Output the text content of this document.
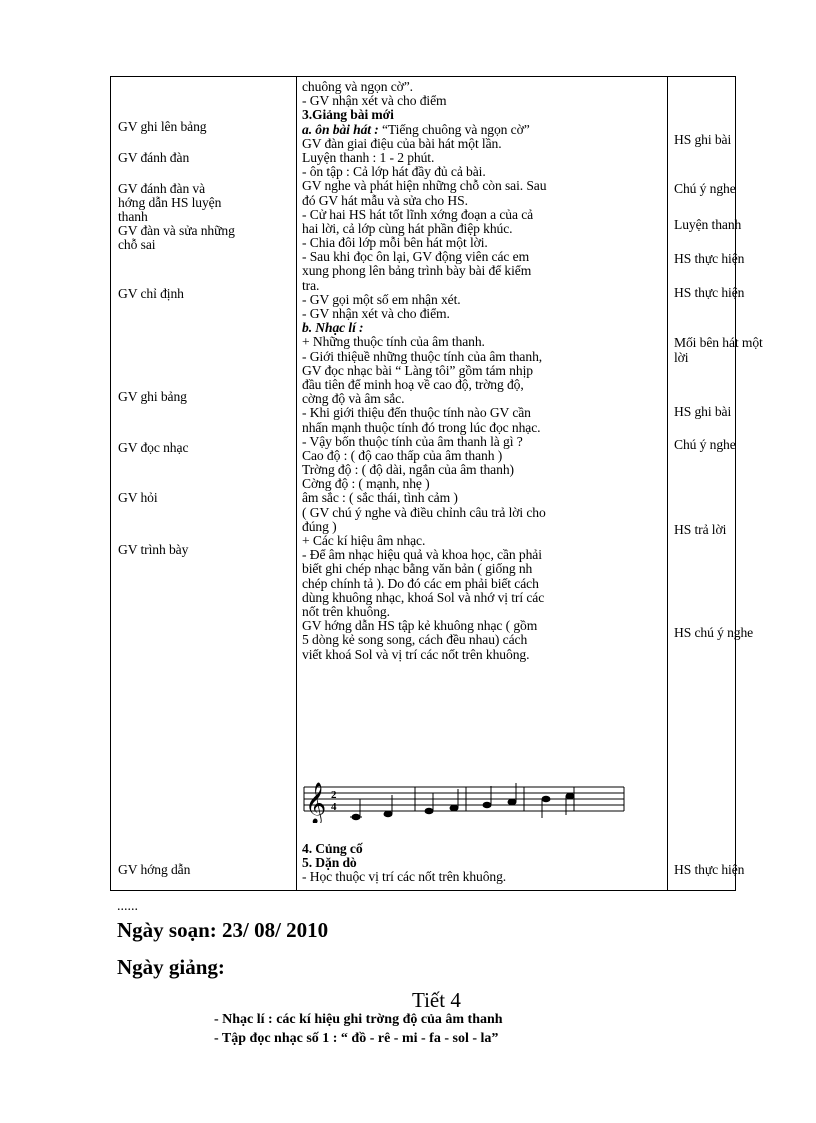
GV ghi lên bảng
GV đánh đàn
GV đánh đàn và
hớng dẫn HS luyện
thanh
GV đàn và sửa những
chỗ sai
GV chỉ định
GV ghi bảng
GV đọc nhạc
GV hỏi
GV trình bày
GV hớng dẫn
HS ghi bài
Chú ý nghe
Luyện thanh
HS thực hiện
HS thực hiện
Mối bên hát một
lời
HS ghi bài
Chú ý nghe
HS trả lời
HS chú ý nghe
HS thực hiện
chuông và ngọn cờ”.
- GV nhận xét và cho điểm
3.Giảng bài mới
a. ôn bài hát : “Tiếng chuông và ngọn cờ”
GV đàn giai điệu của bài hát một lần.
Luyện thanh : 1 - 2 phút.
- ôn tập : Cả lớp hát đầy đủ cả bài.
GV nghe và phát hiện những chỗ còn sai. Sau
đó GV hát mẫu và sửa cho HS.
- Cử hai HS hát tốt lĩnh xớng đoạn a của cả
hai lời, cả lớp cùng hát phần điệp khúc.
- Chia đôi lớp mỗi bên hát một lời.
- Sau khi đọc ôn lại, GV động viên các em
xung phong lên bảng trình bày bài để kiểm
tra.
- GV gọi một số em nhận xét.
- GV nhận xét và cho điểm.
b. Nhạc lí :
+ Những thuộc tính của âm thanh.
- Giới thiệuề những thuộc tính của âm thanh,
GV đọc nhạc bài “ Làng tôi” gồm tám nhịp
đầu tiên để minh hoạ về cao độ, trờng độ,
cờng độ và âm sắc.
- Khi giới thiệu đến thuộc tính nào GV cần
nhấn mạnh thuộc tính đó trong lúc đọc nhạc.
- Vậy bốn thuộc tính của âm thanh là gì ?
Cao độ : ( độ cao thấp của âm thanh )
Trờng độ : ( độ dài, ngắn của âm thanh)
Cờng độ : ( mạnh, nhẹ )
âm sắc : ( sắc thái, tình cảm )
( GV chú ý nghe và điều chỉnh câu trả lời cho
đúng )
+ Các kí hiệu âm nhạc.
- Để âm nhạc hiệu quả và khoa học, cần phải
biết ghi chép nhạc bằng văn bản ( giống nh
chép chính tả ). Do đó các em phải biết cách
dùng khuông nhạc, khoá Sol và nhớ vị trí các
nốt trên khuông.
GV hớng dẫn HS tập kẻ khuông nhạc ( gồm
5 dòng kẻ song song, cách đều nhau) cách
viết khoá Sol và vị trí các nốt trên khuông.
𝄞 2
4
4. Củng cố
5. Dặn dò
- Học thuộc vị trí các nốt trên khuông.
......
Ngày soạn: 23/ 08/ 2010
Ngày giảng:
Tiết 4
- Nhạc lí : các kí hiệu ghi trờng độ của âm thanh
- Tập đọc nhạc số 1 : “ đồ - rê - mi - fa - sol - la”
